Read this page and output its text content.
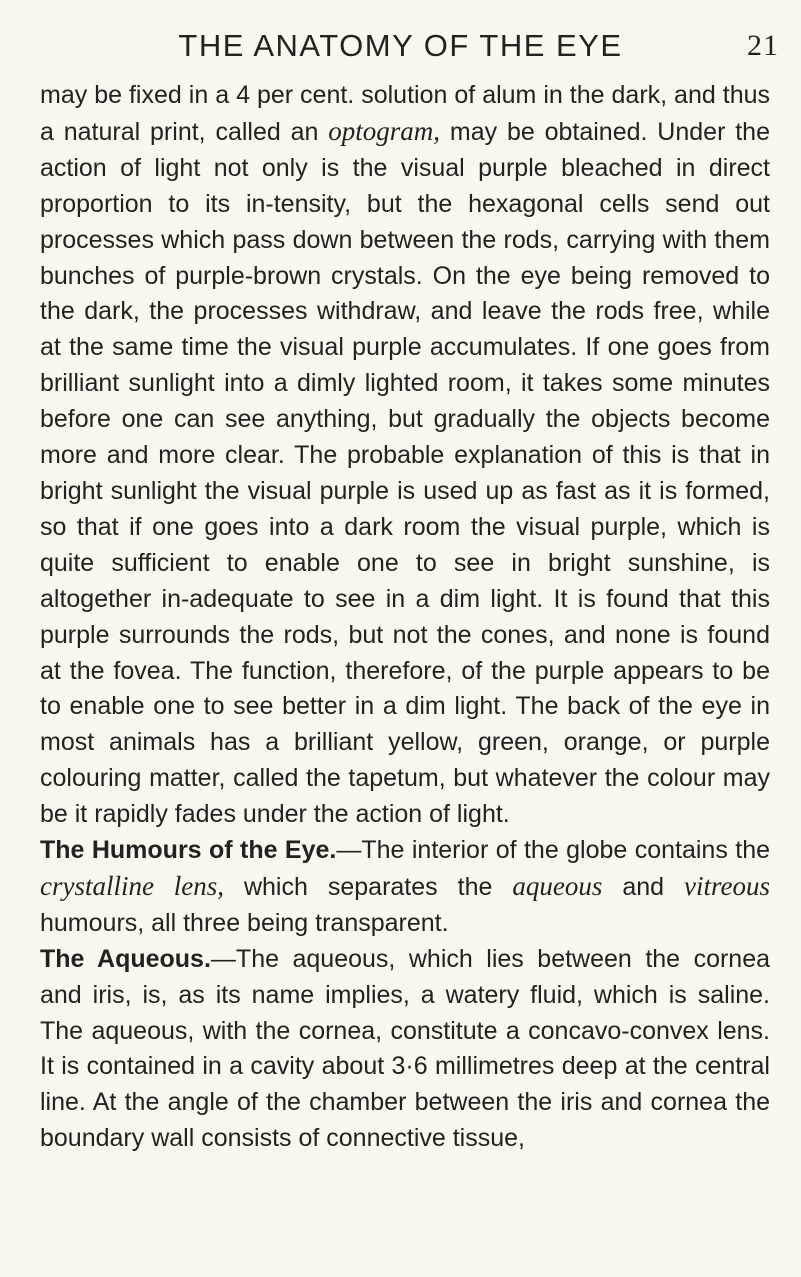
THE ANATOMY OF THE EYE	21

may be fixed in a 4 per cent. solution of alum in the dark, and thus a natural print, called an optogram, may be obtained. Under the action of light not only is the visual purple bleached in direct proportion to its in-tensity, but the hexagonal cells send out processes which pass down between the rods, carrying with them bunches of purple-brown crystals. On the eye being removed to the dark, the processes withdraw, and leave the rods free, while at the same time the visual purple accumulates. If one goes from brilliant sunlight into a dimly lighted room, it takes some minutes before one can see anything, but gradually the objects become more and more clear. The probable explanation of this is that in bright sunlight the visual purple is used up as fast as it is formed, so that if one goes into a dark room the visual purple, which is quite sufficient to enable one to see in bright sunshine, is altogether in-adequate to see in a dim light. It is found that this purple surrounds the rods, but not the cones, and none is found at the fovea. The function, therefore, of the purple appears to be to enable one to see better in a dim light. The back of the eye in most animals has a brilliant yellow, green, orange, or purple colouring matter, called the tapetum, but whatever the colour may be it rapidly fades under the action of light.

The Humours of the Eye.—The interior of the globe contains the crystalline lens, which separates the aqueous and vitreous humours, all three being transparent.

The Aqueous.—The aqueous, which lies between the cornea and iris, is, as its name implies, a watery fluid, which is saline. The aqueous, with the cornea, constitute a concavo-convex lens. It is contained in a cavity about 3·6 millimetres deep at the central line. At the angle of the chamber between the iris and cornea the boundary wall consists of connective tissue,
